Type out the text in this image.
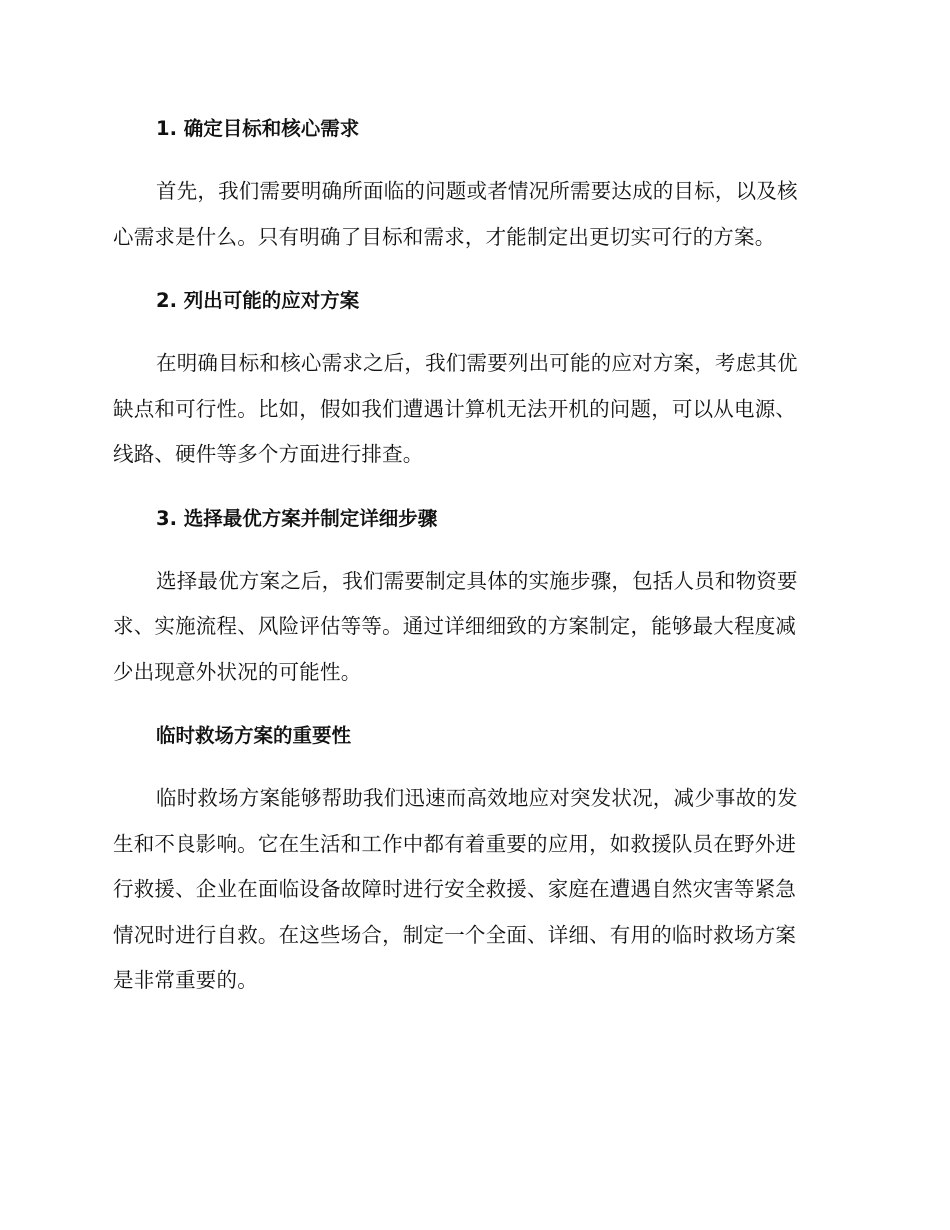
1. 确定目标和核心需求
首先，我们需要明确所面临的问题或者情况所需要达成的目标，以及核
心需求是什么。只有明确了目标和需求，才能制定出更切实可行的方案。
2. 列出可能的应对方案
在明确目标和核心需求之后，我们需要列出可能的应对方案，考虑其优
缺点和可行性。比如，假如我们遭遇计算机无法开机的问题，可以从电源、
线路、硬件等多个方面进行排查。
3. 选择最优方案并制定详细步骤
选择最优方案之后，我们需要制定具体的实施步骤，包括人员和物资要
求、实施流程、风险评估等等。通过详细细致的方案制定，能够最大程度减
少出现意外状况的可能性。
临时救场方案的重要性
临时救场方案能够帮助我们迅速而高效地应对突发状况，减少事故的发
生和不良影响。它在生活和工作中都有着重要的应用，如救援队员在野外进
行救援、企业在面临设备故障时进行安全救援、家庭在遭遇自然灾害等紧急
情况时进行自救。在这些场合，制定一个全面、详细、有用的临时救场方案
是非常重要的。
